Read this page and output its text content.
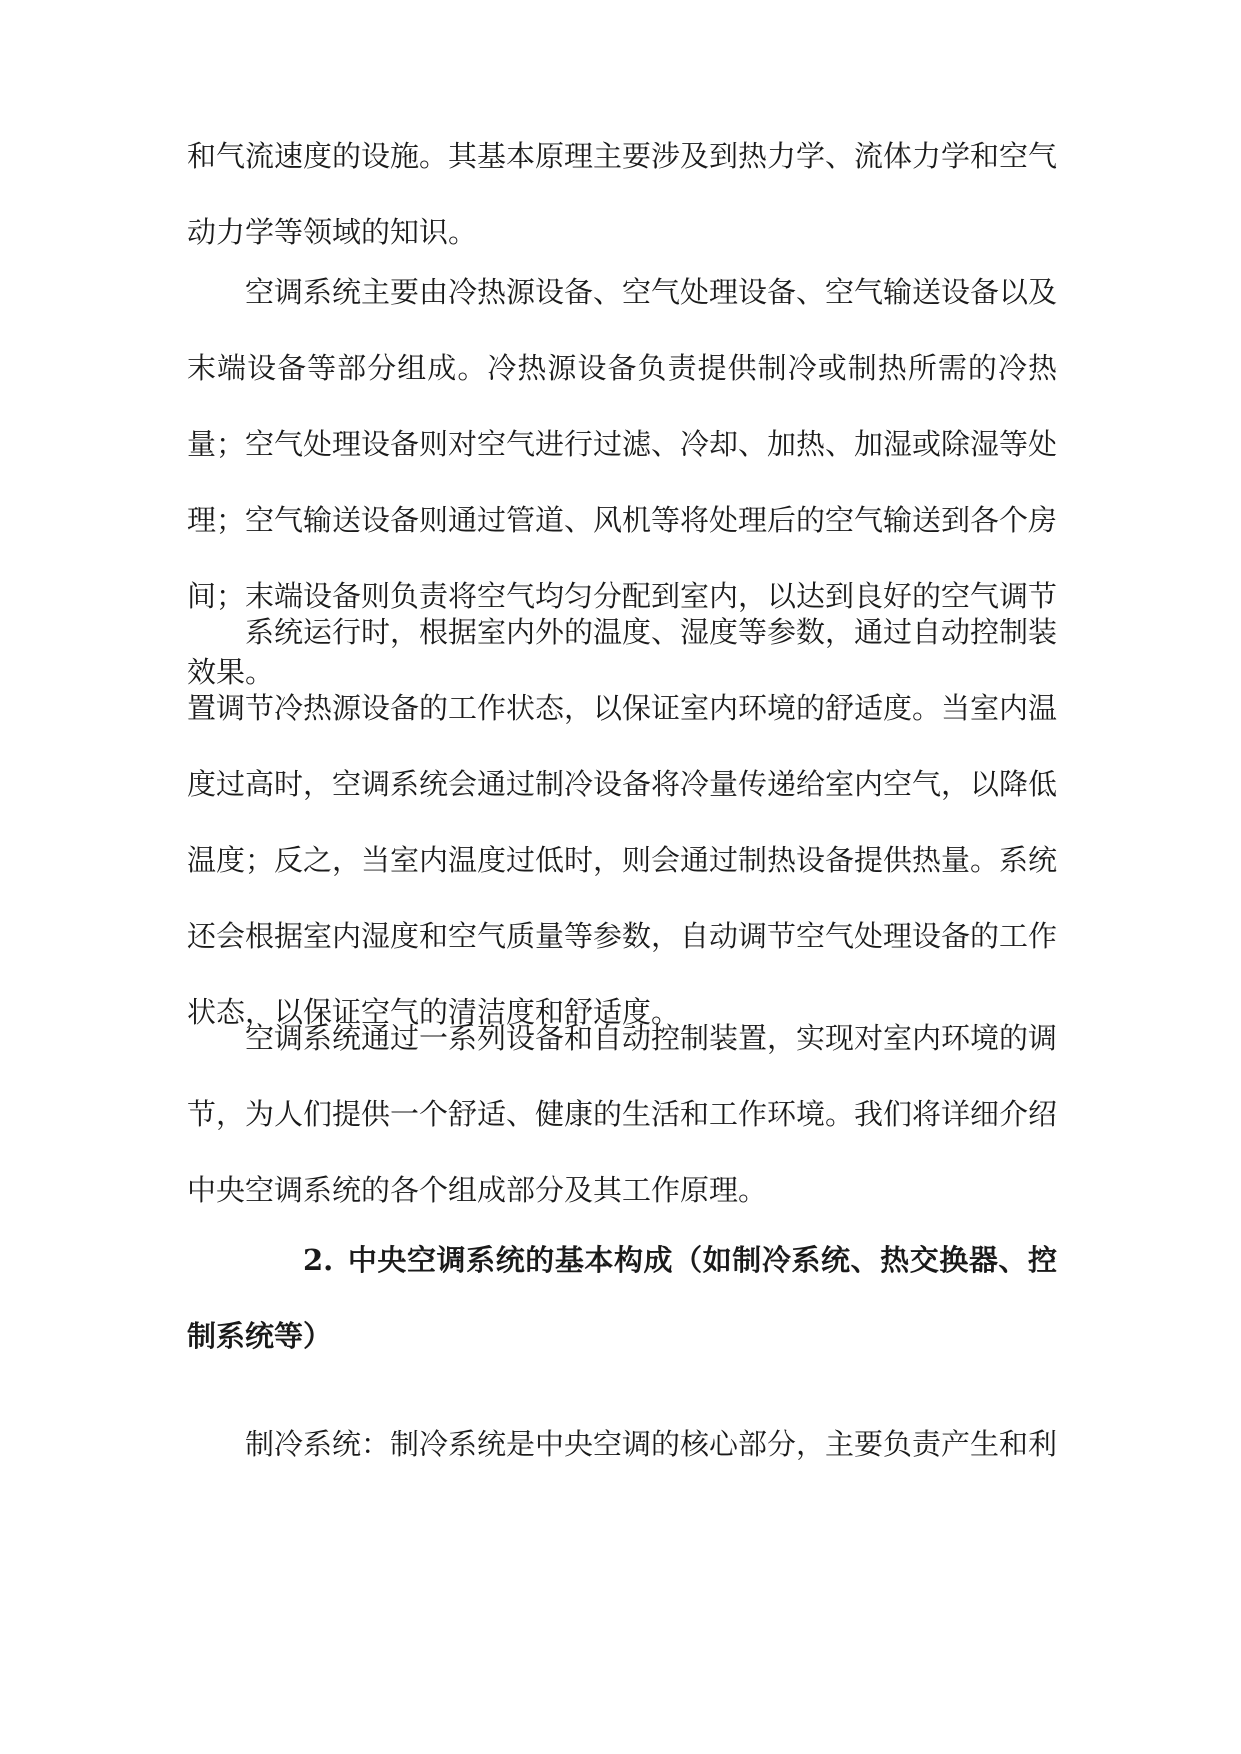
和气流速度的设施。其基本原理主要涉及到热力学、流体力学和空气动力学等领域的知识。

空调系统主要由冷热源设备、空气处理设备、空气输送设备以及末端设备等部分组成。冷热源设备负责提供制冷或制热所需的冷热量；空气处理设备则对空气进行过滤、冷却、加热、加湿或除湿等处理；空气输送设备则通过管道、风机等将处理后的空气输送到各个房间；末端设备则负责将空气均匀分配到室内，以达到良好的空气调节效果。

系统运行时，根据室内外的温度、湿度等参数，通过自动控制装置调节冷热源设备的工作状态，以保证室内环境的舒适度。当室内温度过高时，空调系统会通过制冷设备将冷量传递给室内空气，以降低温度；反之，当室内温度过低时，则会通过制热设备提供热量。系统还会根据室内湿度和空气质量等参数，自动调节空气处理设备的工作状态，以保证空气的清洁度和舒适度。

空调系统通过一系列设备和自动控制装置，实现对室内环境的调节，为人们提供一个舒适、健康的生活和工作环境。我们将详细介绍中央空调系统的各个组成部分及其工作原理。

2. 中央空调系统的基本构成（如制冷系统、热交换器、控制系统等）

制冷系统：制冷系统是中央空调的核心部分，主要负责产生和利
